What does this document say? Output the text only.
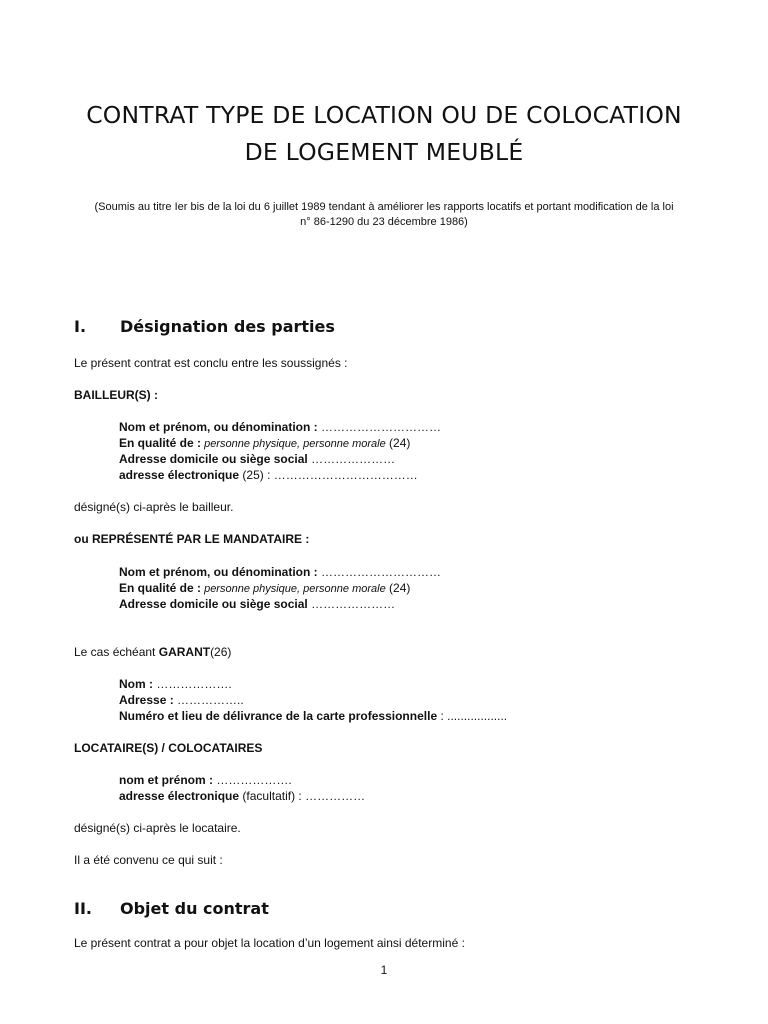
CONTRAT TYPE DE LOCATION OU DE COLOCATION
DE LOGEMENT MEUBLÉ
(Soumis au titre Ier bis de la loi du 6 juillet 1989 tendant à améliorer les rapports locatifs et portant modification de la loi
n° 86-1290 du 23 décembre 1986)
I. Désignation des parties
Le présent contrat est conclu entre les soussignés :
BAILLEUR(S) :
Nom et prénom, ou dénomination : …………………………
En qualité de : personne physique, personne morale (24)
Adresse domicile ou siège social …………………
adresse électronique (25) : ………………………………
désigné(s) ci-après le bailleur.
ou REPRÉSENTÉ PAR LE MANDATAIRE :
Nom et prénom, ou dénomination : …………………………
En qualité de : personne physique, personne morale (24)
Adresse domicile ou siège social …………………
Le cas échéant GARANT(26)
Nom : ……………….
Adresse : ……………..
Numéro et lieu de délivrance de la carte professionnelle : ..................
LOCATAIRE(S) / COLOCATAIRES
nom et prénom : ……………….
adresse électronique (facultatif) : ……………
désigné(s) ci-après le locataire.
Il a été convenu ce qui suit :
II. Objet du contrat
Le présent contrat a pour objet la location d’un logement ainsi déterminé :
1
